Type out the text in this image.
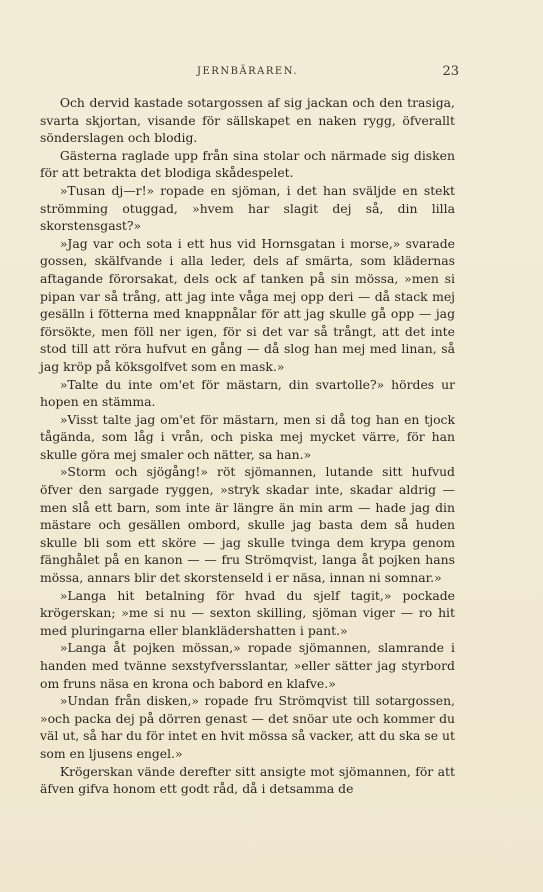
JERNBÄRAREN.	23

Och dervid kastade sotargossen af sig jackan och den trasiga, svarta skjortan, visande för sällskapet en naken rygg, öfverallt sönderslagen och blodig.

Gästerna raglade upp från sina stolar och närmade sig disken för att betrakta det blodiga skådespelet.

»Tusan dj—r!» ropade en sjöman, i det han sväljde en stekt strömming otuggad, »hvem har slagit dej så, din lilla skorstensgast?»

»Jag var och sota i ett hus vid Hornsgatan i morse,» svarade gossen, skälfvande i alla leder, dels af smärta, som klädernas aftagande förorsakat, dels ock af tanken på sin mössa, »men si pipan var så trång, att jag inte våga mej opp deri — då stack mej gesälln i fötterna med knappnålar för att jag skulle gå opp — jag försökte, men föll ner igen, för si det var så trångt, att det inte stod till att röra hufvut en gång — då slog han mej med linan, så jag kröp på köksgolfvet som en mask.»

»Talte du inte om'et för mästarn, din svartolle?» hördes ur hopen en stämma.

»Visst talte jag om'et för mästarn, men si då tog han en tjock tågända, som låg i vrån, och piska mej mycket värre, för han skulle göra mej smaler och nätter, sa han.»

»Storm och sjögång!» röt sjömannen, lutande sitt hufvud öfver den sargade ryggen, »stryk skadar inte, skadar aldrig — men slå ett barn, som inte är längre än min arm — hade jag din mästare och gesällen ombord, skulle jag basta dem så huden skulle bli som ett sköre — jag skulle tvinga dem krypa genom fänghålet på en kanon — — fru Strömqvist, langa åt pojken hans mössa, annars blir det skorstenseld i er näsa, innan ni somnar.»

»Langa hit betalning för hvad du sjelf tagit,» pockade krögerskan; »me si nu — sexton skilling, sjöman viger — ro hit med pluringarna eller blanklädershatten i pant.»

»Langa åt pojken mössan,» ropade sjömannen, slamrande i handen med tvänne sexstyfversslantar, »eller sätter jag styrbord om fruns näsa en krona och babord en klafve.»

»Undan från disken,» ropade fru Strömqvist till sotargossen, »och packa dej på dörren genast — det snöar ute och kommer du väl ut, så har du för intet en hvit mössa så vacker, att du ska se ut som en ljusens engel.»

Krögerskan vände derefter sitt ansigte mot sjömannen, för att äfven gifva honom ett godt råd, då i detsamma de
